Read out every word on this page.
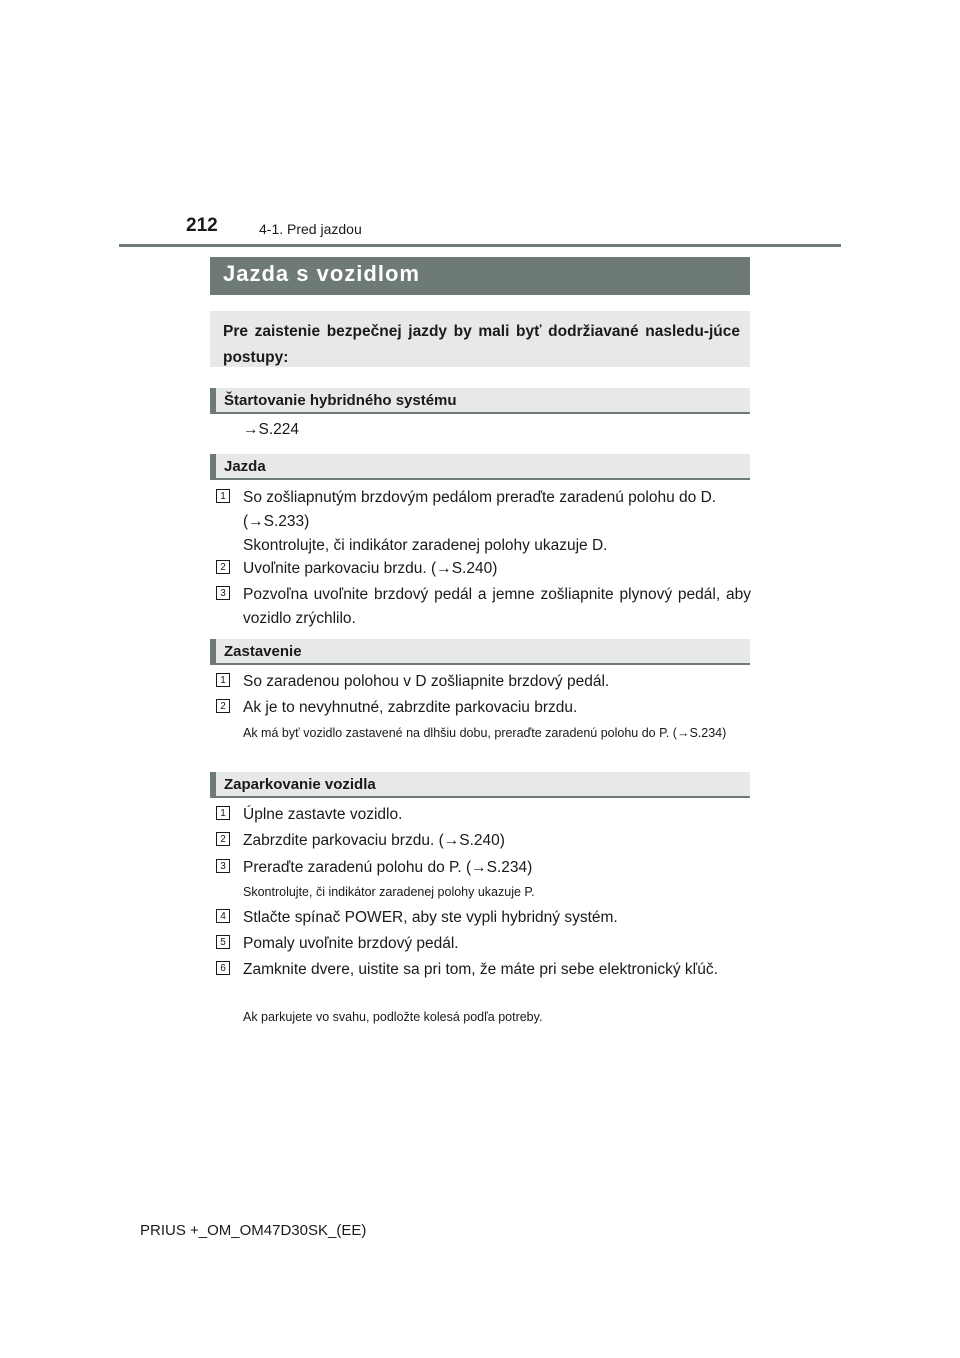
212	4-1. Pred jazdou
Jazda s vozidlom
Pre zaistenie bezpečnej jazdy by mali byť dodržiavané nasledu-júce postupy:
Štartovanie hybridného systému
→S.224
Jazda
1 So zošliapnutým brzdovým pedálom preraďte zaradenú polohu do D.
(→S.233)
Skontrolujte, či indikátor zaradenej polohy ukazuje D.
2 Uvoľnite parkovaciu brzdu. (→S.240)
3 Pozvoľna uvoľnite brzdový pedál a jemne zošliapnite plynový pedál, aby vozidlo zrýchlilo.
Zastavenie
1 So zaradenou polohou v D zošliapnite brzdový pedál.
2 Ak je to nevyhnutné, zabrzdite parkovaciu brzdu.
Ak má byť vozidlo zastavené na dlhšiu dobu, preraďte zaradenú polohu do P. (→S.234)
Zaparkovanie vozidla
1 Úplne zastavte vozidlo.
2 Zabrzdite parkovaciu brzdu. (→S.240)
3 Preraďte zaradenú polohu do P. (→S.234)
Skontrolujte, či indikátor zaradenej polohy ukazuje P.
4 Stlačte spínač POWER, aby ste vypli hybridný systém.
5 Pomaly uvoľnite brzdový pedál.
6 Zamknite dvere, uistite sa pri tom, že máte pri sebe elektronický kľúč.
Ak parkujete vo svahu, podložte kolesá podľa potreby.
PRIUS +_OM_OM47D30SK_(EE)
